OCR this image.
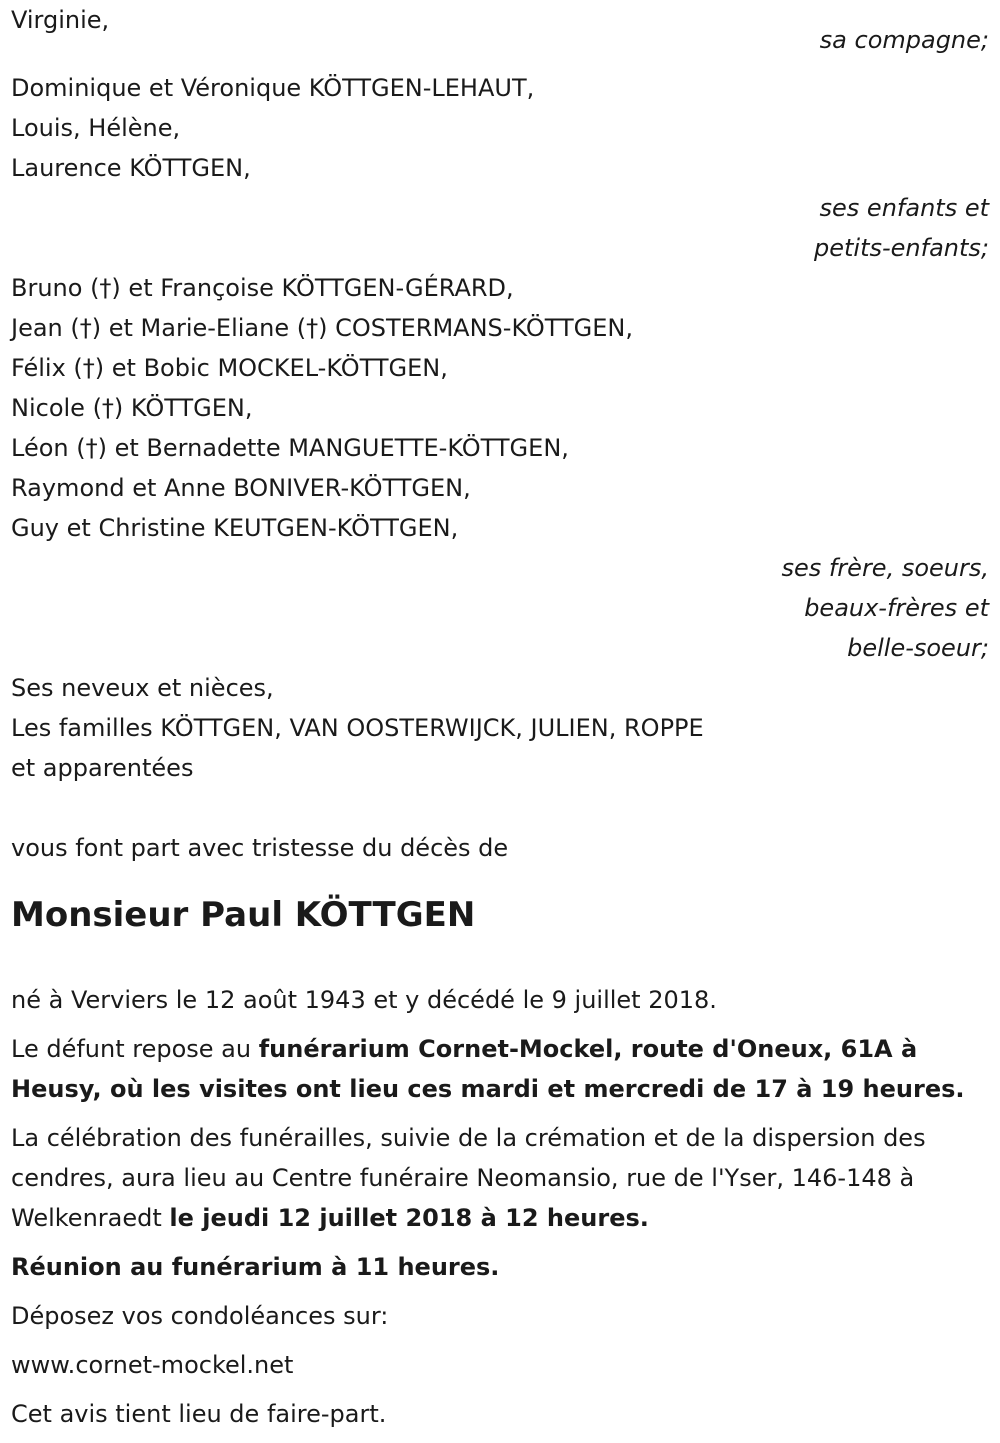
Virginie,
sa compagne;
Dominique et Véronique KÖTTGEN-LEHAUT,
Louis, Hélène,
Laurence KÖTTGEN,
ses enfants et
petits-enfants;
Bruno (†) et Françoise KÖTTGEN-GÉRARD,
Jean (†) et Marie-Eliane (†) COSTERMANS-KÖTTGEN,
Félix (†) et Bobic MOCKEL-KÖTTGEN,
Nicole (†) KÖTTGEN,
Léon (†) et Bernadette MANGUETTE-KÖTTGEN,
Raymond et Anne BONIVER-KÖTTGEN,
Guy et Christine KEUTGEN-KÖTTGEN,
ses frère, soeurs,
beaux-frères et
belle-soeur;
Ses neveux et nièces,
Les familles KÖTTGEN, VAN OOSTERWIJCK, JULIEN, ROPPE
et apparentées
vous font part avec tristesse du décès de
Monsieur Paul KÖTTGEN
né à Verviers le 12 août 1943 et y décédé le 9 juillet 2018.
Le défunt repose au funérarium Cornet-Mockel, route d'Oneux, 61A à Heusy, où les visites ont lieu ces mardi et mercredi de 17 à 19 heures.
La célébration des funérailles, suivie de la crémation et de la dispersion des cendres, aura lieu au Centre funéraire Neomansio, rue de l'Yser, 146-148 à Welkenraedt le jeudi 12 juillet 2018 à 12 heures.
Réunion au funérarium à 11 heures.
Déposez vos condoléances sur:
www.cornet-mockel.net
Cet avis tient lieu de faire-part.
